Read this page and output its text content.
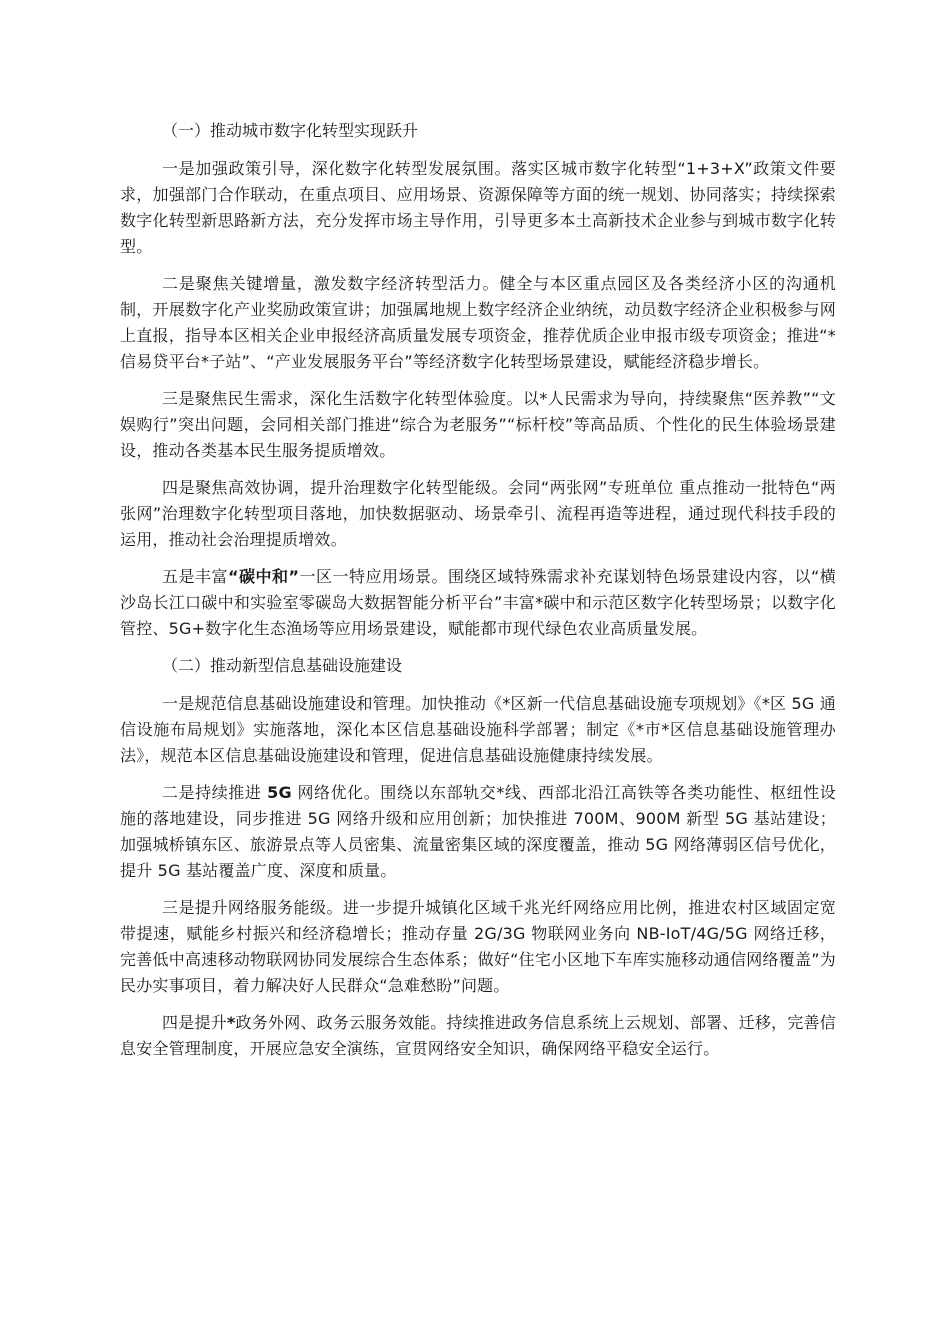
（一）推动城市数字化转型实现跃升

一是加强政策引导，深化数字化转型发展氛围。落实区城市数字化转型“1+3+X”政策文件要求，加强部门合作联动，在重点项目、应用场景、资源保障等方面的统一规划、协同落实；持续探索数字化转型新思路新方法，充分发挥市场主导作用，引导更多本土高新技术企业参与到城市数字化转型。

二是聚焦关键增量，激发数字经济转型活力。健全与本区重点园区及各类经济小区的沟通机制，开展数字化产业奖励政策宣讲；加强属地规上数字经济企业纳统，动员数字经济企业积极参与网上直报，指导本区相关企业申报经济高质量发展专项资金，推荐优质企业申报市级专项资金；推进“*信易贷平台*子站”、“产业发展服务平台”等经济数字化转型场景建设，赋能经济稳步增长。

三是聚焦民生需求，深化生活数字化转型体验度。以*人民需求为导向，持续聚焦“医养教”“文娱购行”突出问题，会同相关部门推进“综合为老服务”“标杆校”等高品质、个性化的民生体验场景建设，推动各类基本民生服务提质增效。

四是聚焦高效协调，提升治理数字化转型能级。会同“两张网”专班单位 重点推动一批特色“两张网”治理数字化转型项目落地，加快数据驱动、场景牵引、流程再造等进程，通过现代科技手段的运用，推动社会治理提质增效。

五是丰富“碳中和”一区一特应用场景。围绕区域特殊需求补充谋划特色场景建设内容，以“横沙岛长江口碳中和实验室零碳岛大数据智能分析平台”丰富*碳中和示范区数字化转型场景；以数字化管控、5G+数字化生态渔场等应用场景建设，赋能都市现代绿色农业高质量发展。

（二）推动新型信息基础设施建设

一是规范信息基础设施建设和管理。加快推动《*区新一代信息基础设施专项规划》《*区 5G 通信设施布局规划》实施落地，深化本区信息基础设施科学部署；制定《*市*区信息基础设施管理办法》，规范本区信息基础设施建设和管理，促进信息基础设施健康持续发展。

二是持续推进 5G 网络优化。围绕以东部轨交*线、西部北沿江高铁等各类功能性、枢纽性设施的落地建设，同步推进 5G 网络升级和应用创新；加快推进 700M、900M 新型 5G 基站建设；加强城桥镇东区、旅游景点等人员密集、流量密集区域的深度覆盖，推动 5G 网络薄弱区信号优化，提升 5G 基站覆盖广度、深度和质量。

三是提升网络服务能级。进一步提升城镇化区域千兆光纤网络应用比例，推进农村区域固定宽带提速，赋能乡村振兴和经济稳增长；推动存量 2G/3G 物联网业务向 NB-IoT/4G/5G 网络迁移，完善低中高速移动物联网协同发展综合生态体系；做好“住宅小区地下车库实施移动通信网络覆盖”为民办实事项目，着力解决好人民群众“急难愁盼”问题。

四是提升*政务外网、政务云服务效能。持续推进政务信息系统上云规划、部署、迁移，完善信息安全管理制度，开展应急安全演练，宣贯网络安全知识，确保网络平稳安全运行。
